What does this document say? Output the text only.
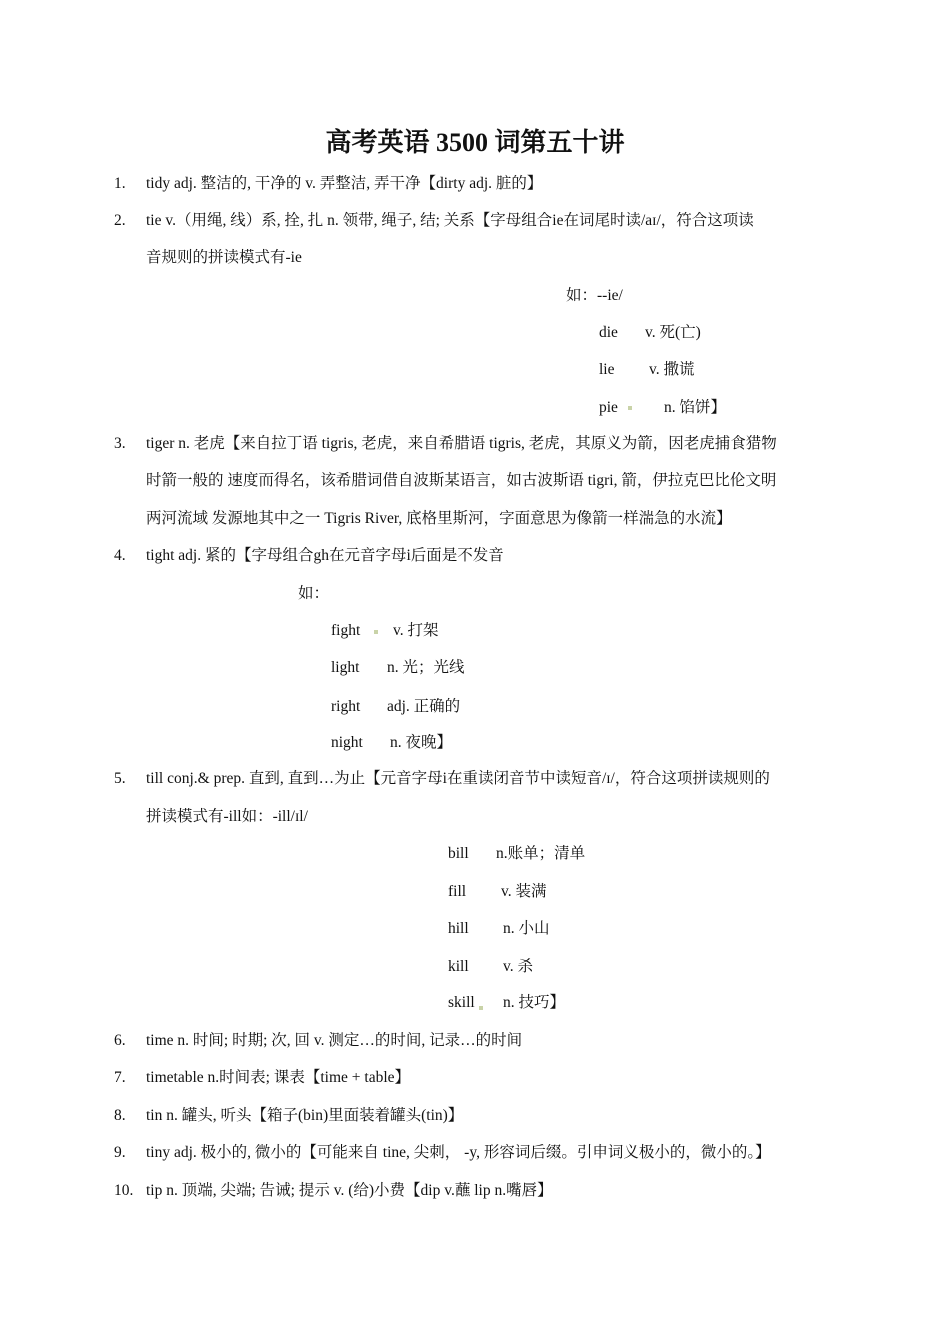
高考英语 3500 词第五十讲
1. tidy adj. 整洁的, 干净的 v. 弄整洁, 弄干净【dirty adj. 脏的】
2. tie v.（用绳, 线）系, 拴, 扎 n. 领带, 绳子, 结; 关系【字母组合ie在词尾时读/aɪ/，符合这项读
音规则的拼读模式有-ie
如：--ie/
die v. 死(亡)
lie v. 撒谎
pie	n. 馅饼】
3. tiger n. 老虎【来自拉丁语 tigris, 老虎，来自希腊语 tigris, 老虎，其原义为箭，因老虎捕食猎物
时箭一般的 速度而得名，该希腊词借自波斯某语言，如古波斯语 tigri, 箭，伊拉克巴比伦文明
两河流域 发源地其中之一 Tigris River, 底格里斯河，字面意思为像箭一样湍急的水流】
4. tight adj. 紧的【字母组合gh在元音字母i后面是不发音
如：
fight v. 打架
light n. 光；光线
right adj. 正确的
night n. 夜晚】
5. till conj.& prep. 直到, 直到…为止【元音字母i在重读闭音节中读短音/ɪ/，符合这项拼读规则的
拼读模式有-ill如：-ill/ɪl/
bill n.账单；清单
fill v. 装满
hill n. 小山
kill v. 杀
skill n. 技巧】
6. time n. 时间; 时期; 次, 回 v. 测定…的时间, 记录…的时间
7. timetable n.时间表; 课表【time + table】
8. tin n. 罐头, 听头【箱子(bin)里面装着罐头(tin)】
9. tiny adj. 极小的, 微小的【可能来自 tine, 尖刺， -y, 形容词后缀。引申词义极小的，微小的。】
10. tip n. 顶端, 尖端; 告诫; 提示 v. (给)小费【dip v.蘸 lip n.嘴唇】
